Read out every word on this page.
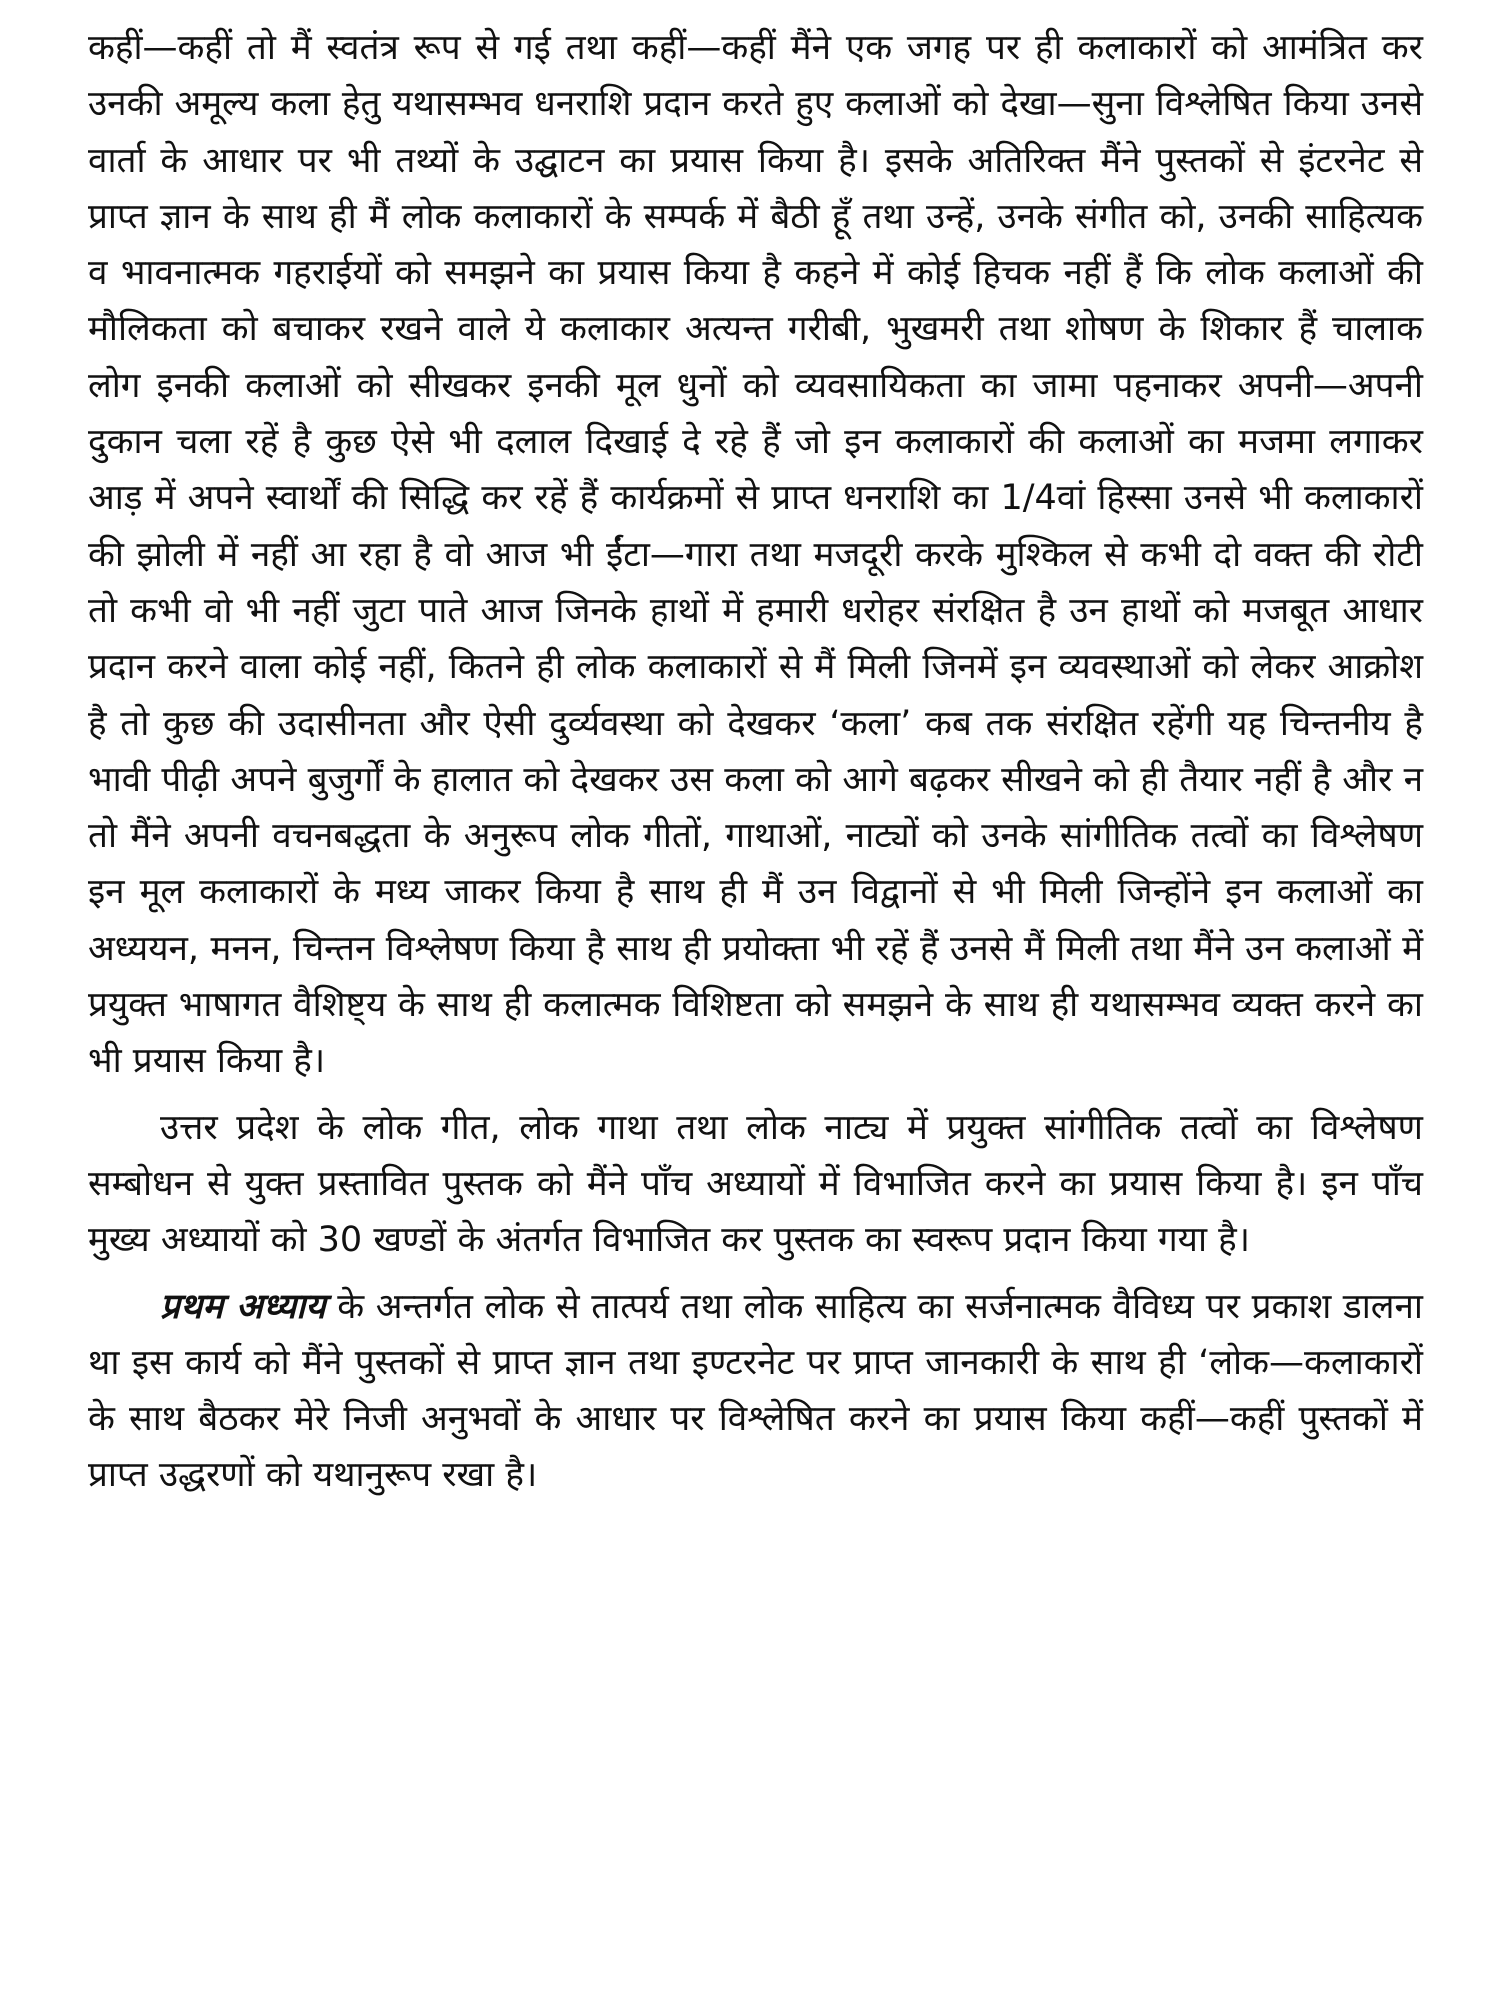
कहीं—कहीं तो मैं स्वतंत्र रूप से गई तथा कहीं—कहीं मैंने एक जगह पर ही कलाकारों को आमंत्रित कर उनकी अमूल्य कला हेतु यथासम्भव धनराशि प्रदान करते हुए कलाओं को देखा—सुना विश्लेषित किया उनसे वार्ता के आधार पर भी तथ्यों के उद्घाटन का प्रयास किया है। इसके अतिरिक्त मैंने पुस्तकों से इंटरनेट से प्राप्त ज्ञान के साथ ही मैं लोक कलाकारों के सम्पर्क में बैठी हूँ तथा उन्हें, उनके संगीत को, उनकी साहित्यक व भावनात्मक गहराईयों को समझने का प्रयास किया है कहने में कोई हिचक नहीं हैं कि लोक कलाओं की मौलिकता को बचाकर रखने वाले ये कलाकार अत्यन्त गरीबी, भुखमरी तथा शोषण के शिकार हैं चालाक लोग इनकी कलाओं को सीखकर इनकी मूल धुनों को व्यवसायिकता का जामा पहनाकर अपनी—अपनी दुकान चला रहें है कुछ ऐसे भी दलाल दिखाई दे रहे हैं जो इन कलाकारों की कलाओं का मजमा लगाकर आड़ में अपने स्वार्थों की सिद्धि कर रहें हैं कार्यक्रमों से प्राप्त धनराशि का 1/4वां हिस्सा उनसे भी कलाकारों की झोली में नहीं आ रहा है वो आज भी ईंटा—गारा तथा मजदूरी करके मुश्किल से कभी दो वक्त की रोटी तो कभी वो भी नहीं जुटा पाते आज जिनके हाथों में हमारी धरोहर संरक्षित है उन हाथों को मजबूत आधार प्रदान करने वाला कोई नहीं, कितने ही लोक कलाकारों से मैं मिली जिनमें इन व्यवस्थाओं को लेकर आक्रोश है तो कुछ की उदासीनता और ऐसी दुर्व्यवस्था को देखकर ‘कला’ कब तक संरक्षित रहेंगी यह चिन्तनीय है भावी पीढ़ी अपने बुजुर्गों के हालात को देखकर उस कला को आगे बढ़कर सीखने को ही तैयार नहीं है और न तो मैंने अपनी वचनबद्धता के अनुरूप लोक गीतों, गाथाओं, नाट्यों को उनके सांगीतिक तत्वों का विश्लेषण इन मूल कलाकारों के मध्य जाकर किया है साथ ही मैं उन विद्वानों से भी मिली जिन्होंने इन कलाओं का अध्ययन, मनन, चिन्तन विश्लेषण किया है साथ ही प्रयोक्ता भी रहें हैं उनसे मैं मिली तथा मैंने उन कलाओं में प्रयुक्त भाषागत वैशिष्ट्य के साथ ही कलात्मक विशिष्टता को समझने के साथ ही यथासम्भव व्यक्त करने का भी प्रयास किया है।

उत्तर प्रदेश के लोक गीत, लोक गाथा तथा लोक नाट्य में प्रयुक्त सांगीतिक तत्वों का विश्लेषण सम्बोधन से युक्त प्रस्तावित पुस्तक को मैंने पाँच अध्यायों में विभाजित करने का प्रयास किया है। इन पाँच मुख्य अध्यायों को 30 खण्डों के अंतर्गत विभाजित कर पुस्तक का स्वरूप प्रदान किया गया है।

प्रथम अध्याय के अन्तर्गत लोक से तात्पर्य तथा लोक साहित्य का सर्जनात्मक वैविध्य पर प्रकाश डालना था इस कार्य को मैंने पुस्तकों से प्राप्त ज्ञान तथा इण्टरनेट पर प्राप्त जानकारी के साथ ही ‘लोक—कलाकारों के साथ बैठकर मेरे निजी अनुभवों के आधार पर विश्लेषित करने का प्रयास किया कहीं—कहीं पुस्तकों में प्राप्त उद्धरणों को यथानुरूप रखा है।
